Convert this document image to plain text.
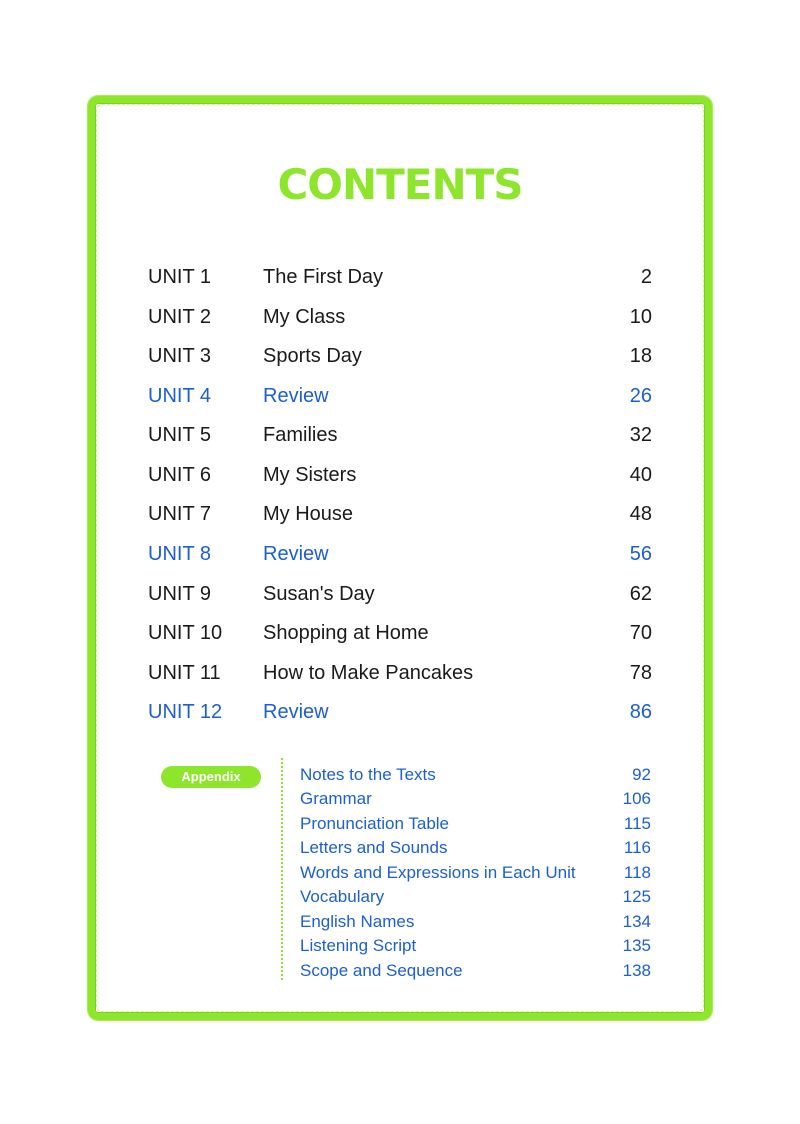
CONTENTS
UNIT 1	The First Day	2
UNIT 2	My Class	10
UNIT 3	Sports Day	18
UNIT 4	Review	26
UNIT 5	Families	32
UNIT 6	My Sisters	40
UNIT 7	My House	48
UNIT 8	Review	56
UNIT 9	Susan's Day	62
UNIT 10 Shopping at Home	70
UNIT 11 How to Make Pancakes	78
UNIT 12 Review	86
Appendix	Notes to the Texts	92
Grammar	106
Pronunciation Table	115
Letters and Sounds	116
Words and Expressions in Each Unit	118
Vocabulary	125
English Names	134
Listening Script	135
Scope and Sequence	138
